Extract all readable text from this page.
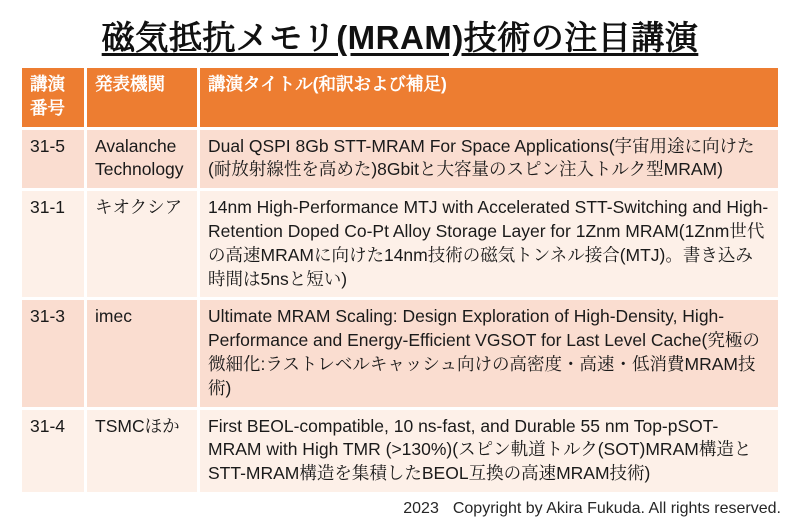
磁気抵抗メモリ(MRAM)技術の注目講演
講演番号	発表機関	講演タイトル(和訳および補足)
31-5	Avalanche Technology	Dual QSPI 8Gb STT-MRAM For Space Applications(宇宙用途に向けた(耐放射線性を高めた)8Gbitと大容量のスピン注入トルク型MRAM)
31-1	キオクシア	14nm High-Performance MTJ with Accelerated STT-Switching and High-Retention Doped Co-Pt Alloy Storage Layer for 1Znm MRAM(1Znm世代の高速MRAMに向けた14nm技術の磁気トンネル接合(MTJ)。書き込み時間は5nsと短い)
31-3	imec	Ultimate MRAM Scaling: Design Exploration of High-Density, High-Performance and Energy-Efficient VGSOT for Last Level Cache(究極の微細化:ラストレベルキャッシュ向けの高密度・高速・低消費MRAM技術)
31-4	TSMCほか	First BEOL-compatible, 10 ns-fast, and Durable 55 nm Top-pSOT-MRAM with High TMR (>130%)(スピン軌道トルク(SOT)MRAM構造とSTT-MRAM構造を集積したBEOL互換の高速MRAM技術)
2023 Copyright by Akira Fukuda. All rights reserved.
